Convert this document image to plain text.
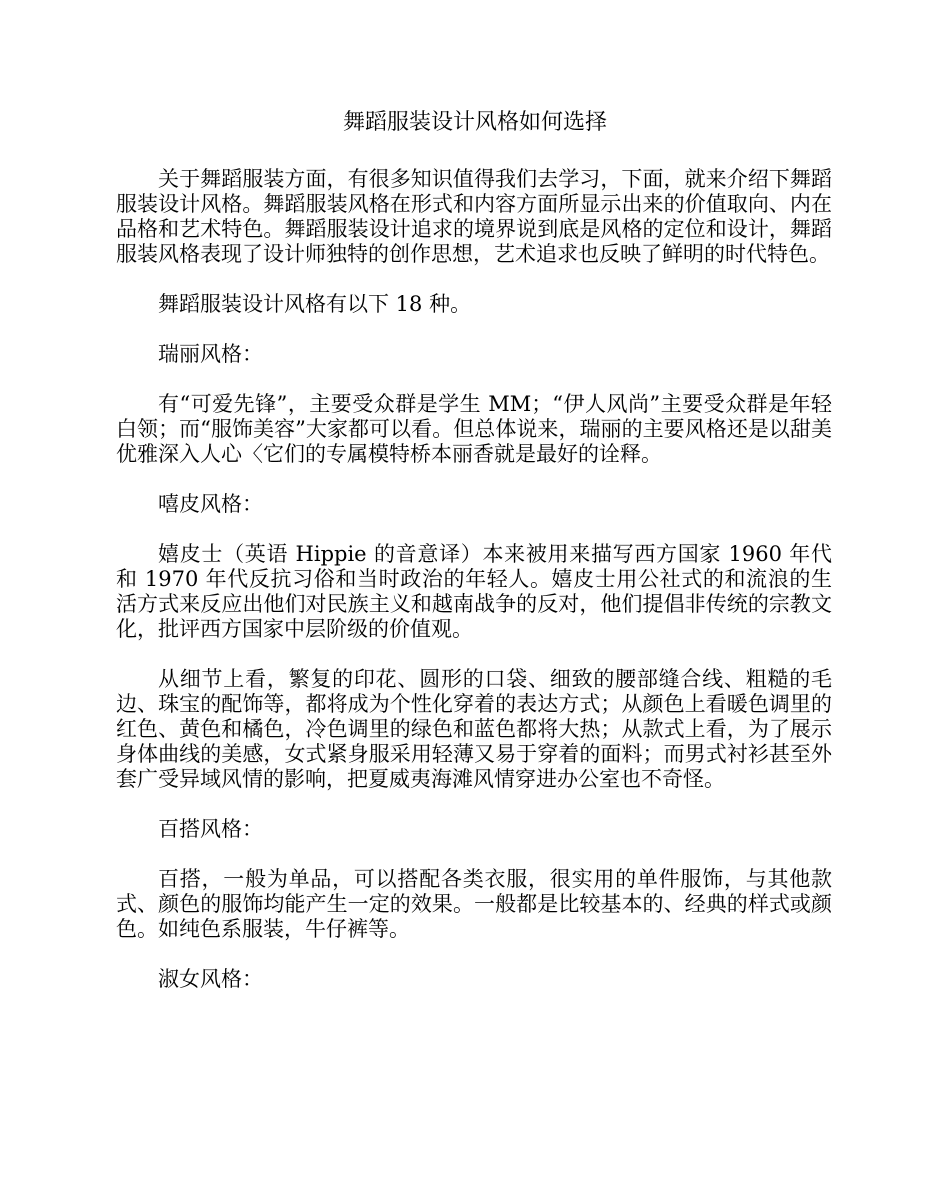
舞蹈服装设计风格如何选择

关于舞蹈服装方面，有很多知识值得我们去学习，下面，就来介绍下舞蹈服装设计风格。舞蹈服装风格在形式和内容方面所显示出来的价值取向、内在品格和艺术特色。舞蹈服装设计追求的境界说到底是风格的定位和设计，舞蹈服装风格表现了设计师独特的创作思想，艺术追求也反映了鲜明的时代特色。

舞蹈服装设计风格有以下 18 种。

瑞丽风格：

有“可爱先锋”，主要受众群是学生 MM；“伊人风尚”主要受众群是年轻白领；而“服饰美容”大家都可以看。但总体说来，瑞丽的主要风格还是以甜美优雅深入人心〈它们的专属模特桥本丽香就是最好的诠释。

嘻皮风格：

嬉皮士（英语 Hippie 的音意译）本来被用来描写西方国家 1960 年代和 1970 年代反抗习俗和当时政治的年轻人。嬉皮士用公社式的和流浪的生活方式来反应出他们对民族主义和越南战争的反对，他们提倡非传统的宗教文化，批评西方国家中层阶级的价值观。

从细节上看，繁复的印花、圆形的口袋、细致的腰部缝合线、粗糙的毛边、珠宝的配饰等，都将成为个性化穿着的表达方式；从颜色上看暖色调里的红色、黄色和橘色，冷色调里的绿色和蓝色都将大热；从款式上看，为了展示身体曲线的美感，女式紧身服采用轻薄又易于穿着的面料；而男式衬衫甚至外套广受异域风情的影响，把夏威夷海滩风情穿进办公室也不奇怪。

百搭风格：

百搭，一般为单品，可以搭配各类衣服，很实用的单件服饰，与其他款式、颜色的服饰均能产生一定的效果。一般都是比较基本的、经典的样式或颜色。如纯色系服装，牛仔裤等。

淑女风格：
